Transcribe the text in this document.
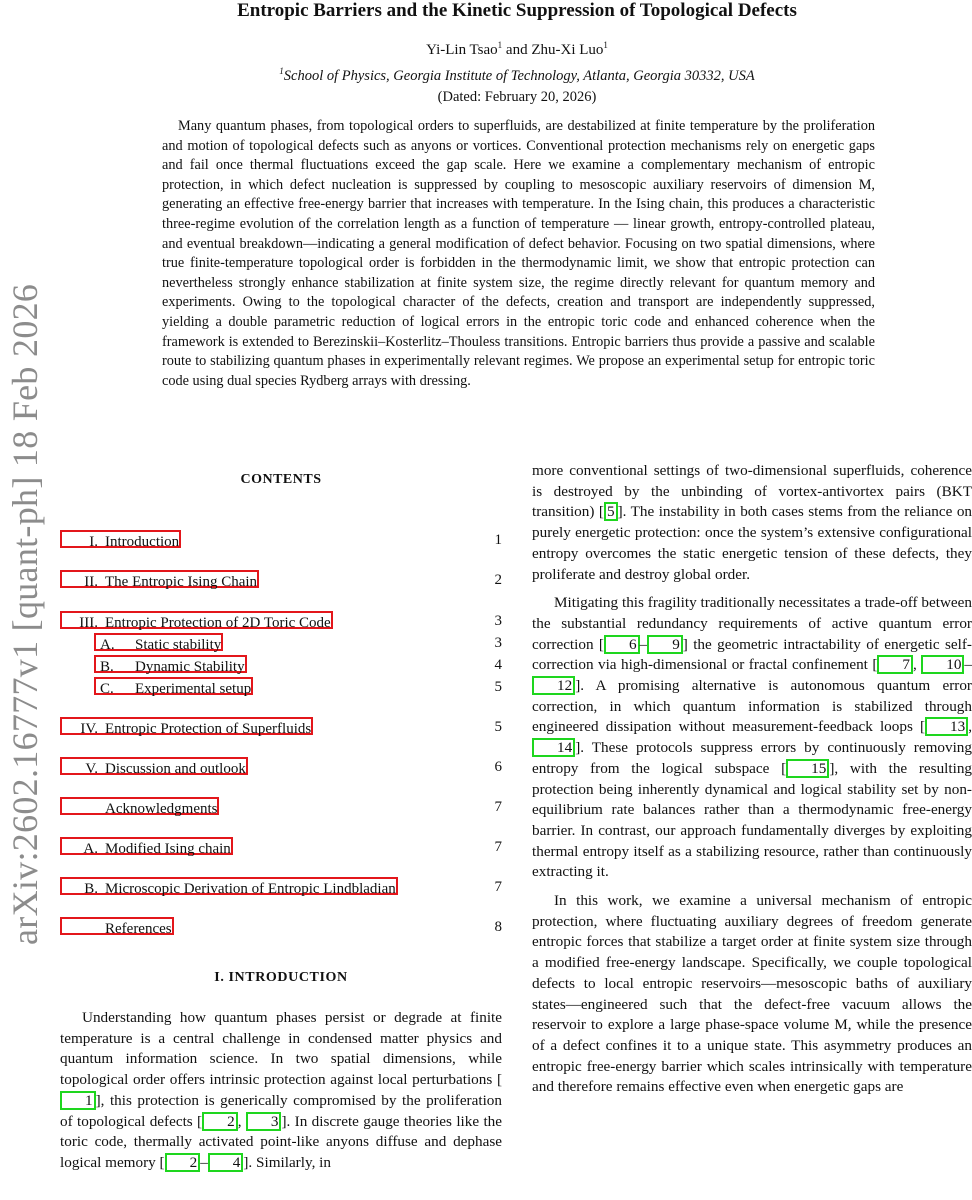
Entropic Barriers and the Kinetic Suppression of Topological Defects
Yi-Lin Tsao$^1$ and Zhu-Xi Luo$^1$
$^1$School of Physics, Georgia Institute of Technology, Atlanta, Georgia 30332, USA
(Dated: February 20, 2026)
Many quantum phases, from topological orders to superfluids, are destabilized at finite temperature by the proliferation and motion of topological defects such as anyons or vortices. Conventional protection mechanisms rely on energetic gaps and fail once thermal fluctuations exceed the gap scale. Here we examine a complementary mechanism of entropic protection, in which defect nucleation is suppressed by coupling to mesoscopic auxiliary reservoirs of dimension M, generating an effective free-energy barrier that increases with temperature. In the Ising chain, this produces a characteristic three-regime evolution of the correlation length as a function of temperature — linear growth, entropy-controlled plateau, and eventual breakdown—indicating a general modification of defect behavior. Focusing on two spatial dimensions, where true finite-temperature topological order is forbidden in the thermodynamic limit, we show that entropic protection can nevertheless strongly enhance stabilization at finite system size, the regime directly relevant for quantum memory and experiments. Owing to the topological character of the defects, creation and transport are independently suppressed, yielding a double parametric reduction of logical errors in the entropic toric code and enhanced coherence when the framework is extended to Berezinskii–Kosterlitz–Thouless transitions. Entropic barriers thus provide a passive and scalable route to stabilizing quantum phases in experimentally relevant regimes. We propose an experimental setup for entropic toric code using dual species Rydberg arrays with dressing.
arXiv:2602.16777v1 [quant-ph] 18 Feb 2026	CONTENTS
I. Introduction	1
II. The Entropic Ising Chain	2
III. Entropic Protection of 2D Toric Code	3
A. Static stability	3
B. Dynamic Stability	4
C. Experimental setup	5
IV. Entropic Protection of Superfluids	5
V. Discussion and outlook	6
Acknowledgments	7
A. Modified Ising chain	7
B. Microscopic Derivation of Entropic Lindbladian	7
References	8
I. INTRODUCTION

Understanding how quantum phases persist or degrade at finite temperature is a central challenge in condensed matter physics and quantum information science. In two spatial dimensions, while topological order offers intrinsic protection against local perturbations [1 ], this protection is generically compromised by the proliferation of topological defects [ 2 , 3 ]. In discrete gauge theories like the toric code, thermally activated point-like anyons diffuse and dephase logical memory [ 2 – 4 ]. Similarly, in

more conventional settings of two-dimensional superfluids, coherence is destroyed by the unbinding of vortex-antivortex pairs (BKT transition) [ 5 ]. The instability in both cases stems from the reliance on purely energetic protection: once the system’s extensive configurational entropy overcomes the static energetic tension of these defects, they proliferate and destroy global order.

Mitigating this fragility traditionally necessitates a trade-off between the substantial redundancy requirements of active quantum error correction [ 6 – 9 ] the geometric intractability of energetic self-correction via high-dimensional or fractal confinement [ 7 , 10 –12 ]. A promising alternative is autonomous quantum error correction, in which quantum information is stabilized through engineered dissipation without measurement-feedback loops [ 13 , 14 ]. These protocols suppress errors by continuously removing entropy from the logical subspace [ 15 ], with the resulting protection being inherently dynamical and logical stability set by non-equilibrium rate balances rather than a thermodynamic free-energy barrier. In contrast, our approach fundamentally diverges by exploiting thermal entropy itself as a stabilizing resource, rather than continuously extracting it.

In this work, we examine a universal mechanism of entropic protection, where fluctuating auxiliary degrees of freedom generate entropic forces that stabilize a target order at finite system size through a modified free-energy landscape. Specifically, we couple topological defects to local entropic reservoirs—mesoscopic baths of auxiliary states—engineered such that the defect-free vacuum allows the reservoir to explore a large phase-space volume M, while the presence of a defect confines it to a unique state. This asymmetry produces an entropic free-energy barrier which scales intrinsically with temperature and therefore remains effective even when energetic gaps are
